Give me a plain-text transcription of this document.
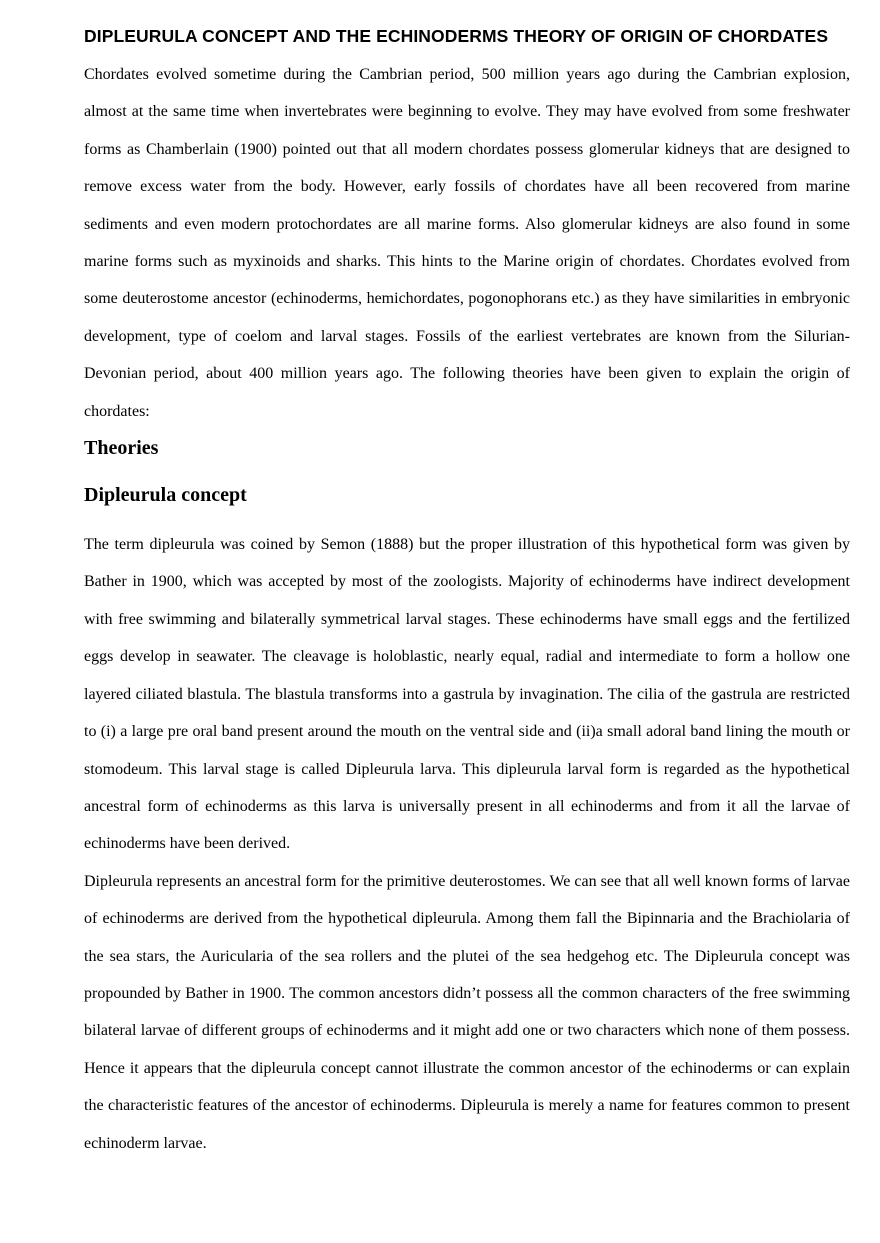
DIPLEURULA CONCEPT AND THE ECHINODERMS THEORY OF ORIGIN OF CHORDATES

Chordates evolved sometime during the Cambrian period, 500 million years ago during the Cambrian explosion, almost at the same time when invertebrates were beginning to evolve. They may have evolved from some freshwater forms as Chamberlain (1900) pointed out that all modern chordates possess glomerular kidneys that are designed to remove excess water from the body. However, early fossils of chordates have all been recovered from marine sediments and even modern protochordates are all marine forms. Also glomerular kidneys are also found in some marine forms such as myxinoids and sharks. This hints to the Marine origin of chordates. Chordates evolved from some deuterostome ancestor (echinoderms, hemichordates, pogonophorans etc.) as they have similarities in embryonic development, type of coelom and larval stages. Fossils of the earliest vertebrates are known from the Silurian-Devonian period, about 400 million years ago. The following theories have been given to explain the origin of chordates:

Theories
Dipleurula concept

The term dipleurula was coined by Semon (1888) but the proper illustration of this hypothetical form was given by Bather in 1900, which was accepted by most of the zoologists. Majority of echinoderms have indirect development with free swimming and bilaterally symmetrical larval stages. These echinoderms have small eggs and the fertilized eggs develop in seawater. The cleavage is holoblastic, nearly equal, radial and intermediate to form a hollow one layered ciliated blastula. The blastula transforms into a gastrula by invagination. The cilia of the gastrula are restricted to (i) a large pre oral band present around the mouth on the ventral side and (ii)a small adoral band lining the mouth or stomodeum. This larval stage is called Dipleurula larva. This dipleurula larval form is regarded as the hypothetical ancestral form of echinoderms as this larva is universally present in all echinoderms and from it all the larvae of echinoderms have been derived.

Dipleurula represents an ancestral form for the primitive deuterostomes. We can see that all well known forms of larvae of echinoderms are derived from the hypothetical dipleurula. Among them fall the Bipinnaria and the Brachiolaria of the sea stars, the Auricularia of the sea rollers and the plutei of the sea hedgehog etc. The Dipleurula concept was propounded by Bather in 1900. The common ancestors didn’t possess all the common characters of the free swimming bilateral larvae of different groups of echinoderms and it might add one or two characters which none of them possess. Hence it appears that the dipleurula concept cannot illustrate the common ancestor of the echinoderms or can explain the characteristic features of the ancestor of echinoderms. Dipleurula is merely a name for features common to present echinoderm larvae.
